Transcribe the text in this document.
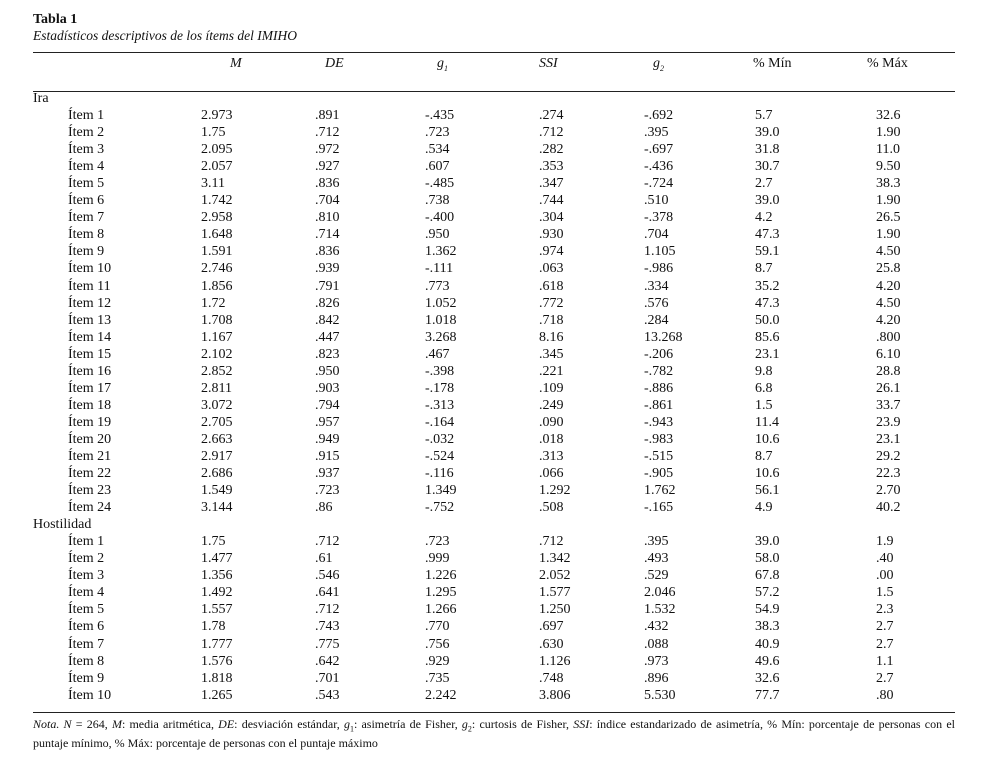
Tabla 1
Estadísticos descriptivos de los ítems del IMIHO
M	DE	$g_1$	SSI	$g_2$	% Mín	% Máx
Ira
Ítem 1	2.973	.891	-.435	.274	-.692	5.7	32.6
Ítem 2	1.75	.712	.723	.712	.395	39.0	1.90
Ítem 3	2.095	.972	.534	.282	-.697	31.8	11.0
Ítem 4	2.057	.927	.607	.353	-.436	30.7	9.50
Ítem 5	3.11	.836	-.485	.347	-.724	2.7	38.3
Ítem 6	1.742	.704	.738	.744	.510	39.0	1.90
Ítem 7	2.958	.810	-.400	.304	-.378	4.2	26.5
Ítem 8	1.648	.714	.950	.930	.704	47.3	1.90
Ítem 9	1.591	.836	1.362	.974	1.105	59.1	4.50
Ítem 10	2.746	.939	-.111	.063	-.986	8.7	25.8
Ítem 11	1.856	.791	.773	.618	.334	35.2	4.20
Ítem 12	1.72	.826	1.052	.772	.576	47.3	4.50
Ítem 13	1.708	.842	1.018	.718	.284	50.0	4.20
Ítem 14	1.167	.447	3.268	8.16	13.268	85.6	.800
Ítem 15	2.102	.823	.467	.345	-.206	23.1	6.10
Ítem 16	2.852	.950	-.398	.221	-.782	9.8	28.8
Ítem 17	2.811	.903	-.178	.109	-.886	6.8	26.1
Ítem 18	3.072	.794	-.313	.249	-.861	1.5	33.7
Ítem 19	2.705	.957	-.164	.090	-.943	11.4	23.9
Ítem 20	2.663	.949	-.032	.018	-.983	10.6	23.1
Ítem 21	2.917	.915	-.524	.313	-.515	8.7	29.2
Ítem 22	2.686	.937	-.116	.066	-.905	10.6	22.3
Ítem 23	1.549	.723	1.349	1.292	1.762	56.1	2.70
Ítem 24	3.144	.86	-.752	.508	-.165	4.9	40.2
Hostilidad
Ítem 1	1.75	.712	.723	.712	.395	39.0	1.9
Ítem 2	1.477	.61	.999	1.342	.493	58.0	.40
Ítem 3	1.356	.546	1.226	2.052	.529	67.8	.00
Ítem 4	1.492	.641	1.295	1.577	2.046	57.2	1.5
Ítem 5	1.557	.712	1.266	1.250	1.532	54.9	2.3
Ítem 6	1.78	.743	.770	.697	.432	38.3	2.7
Ítem 7	1.777	.775	.756	.630	.088	40.9	2.7
Ítem 8	1.576	.642	.929	1.126	.973	49.6	1.1
Ítem 9	1.818	.701	.735	.748	.896	32.6	2.7
Ítem 10	1.265	.543	2.242	3.806	5.530	77.7	.80
Nota. N = 264, M: media aritmética, DE: desviación estándar, $g_1$: asimetría de Fisher, $g_2$: curtosis de Fisher, SSI: índice estandarizado de asimetría, % Mín: porcentaje de personas con el puntaje mínimo, % Máx: porcentaje de personas con el puntaje máximo
